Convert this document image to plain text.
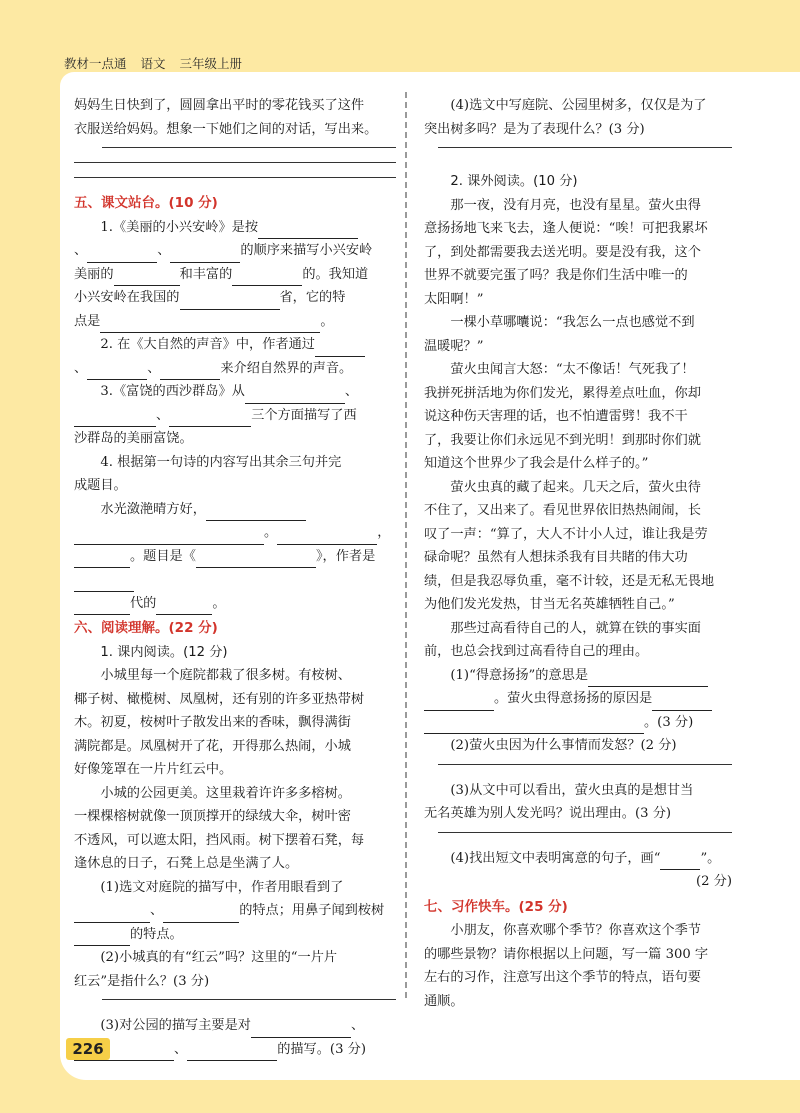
教材一点通 语文 三年级上册

妈妈生日快到了，圆圆拿出平时的零花钱买了这件

衣服送给妈妈。想象一下她们之间的对话，写出来。

五、课文站台。(10 分)

1.《美丽的小兴安岭》是按

、	、	的顺序来描写小兴安岭

美丽的	和丰富的	的。我知道

小兴安岭在我国的	省，它的特

点是	。

2. 在《大自然的声音》中，作者通过

、	、	来介绍自然界的声音。

3.《富饶的西沙群岛》从	、

、	三个方面描写了西

沙群岛的美丽富饶。

4. 根据第一句诗的内容写出其余三句并完

成题目。

水光潋滟晴方好，

。	，

。题目是《	》，作者是

代的	。

六、阅读理解。(22 分)

1. 课内阅读。(12 分)

小城里每一个庭院都栽了很多树。有桉树、

椰子树、橄榄树、凤凰树，还有别的许多亚热带树

木。初夏，桉树叶子散发出来的香味，飘得满街

满院都是。凤凰树开了花，开得那么热闹，小城

好像笼罩在一片片红云中。

小城的公园更美。这里栽着许许多多榕树。

一棵棵榕树就像一顶顶撑开的绿绒大伞，树叶密

不透风，可以遮太阳，挡风雨。树下摆着石凳，每

逢休息的日子，石凳上总是坐满了人。

(1)选文对庭院的描写中，作者用眼看到了

、	的特点；用鼻子闻到桉树

的特点。

(2)小城真的有“红云”吗？这里的“一片片

红云”是指什么？(3 分)

(3)对公园的描写主要是对	、

、	的描写。(3 分)

(4)选文中写庭院、公园里树多，仅仅是为了

突出树多吗？是为了表现什么？(3 分)

2. 课外阅读。(10 分)

那一夜，没有月亮，也没有星星。萤火虫得

意扬扬地飞来飞去，逢人便说：“唉！可把我累坏

了，到处都需要我去送光明。要是没有我，这个

世界不就要完蛋了吗？我是你们生活中唯一的

太阳啊！”

一棵小草哪囔说：“我怎么一点也感觉不到

温暖呢？”

萤火虫闻言大怒：“太不像话！气死我了！

我拼死拼活地为你们发光，累得差点吐血，你却

说这种伤天害理的话，也不怕遭雷劈！我不干

了，我要让你们永远见不到光明！到那时你们就

知道这个世界少了我会是什么样子的。”

萤火虫真的藏了起来。几天之后，萤火虫待

不住了，又出来了。看见世界依旧热热闹闹，长

叹了一声：“算了，大人不计小人过，谁让我是劳

碌命呢？虽然有人想抹杀我有目共睹的伟大功

绩，但是我忍辱负重，毫不计较，还是无私无畏地

为他们发光发热，甘当无名英雄牺牲自己。”

那些过高看待自己的人，就算在铁的事实面

前，也总会找到过高看待自己的理由。

(1)“得意扬扬”的意思是

。萤火虫得意扬扬的原因是

。(3 分)

(2)萤火虫因为什么事情而发怒？(2 分)

(3)从文中可以看出，萤火虫真的是想甘当

无名英雄为别人发光吗？说出理由。(3 分)

(4)找出短文中表明寓意的句子，画“	”。

(2 分)

七、习作快车。(25 分)

小朋友，你喜欢哪个季节？你喜欢这个季节

的哪些景物？请你根据以上问题，写一篇 300 字

左右的习作，注意写出这个季节的特点，语句要

通顺。

226
